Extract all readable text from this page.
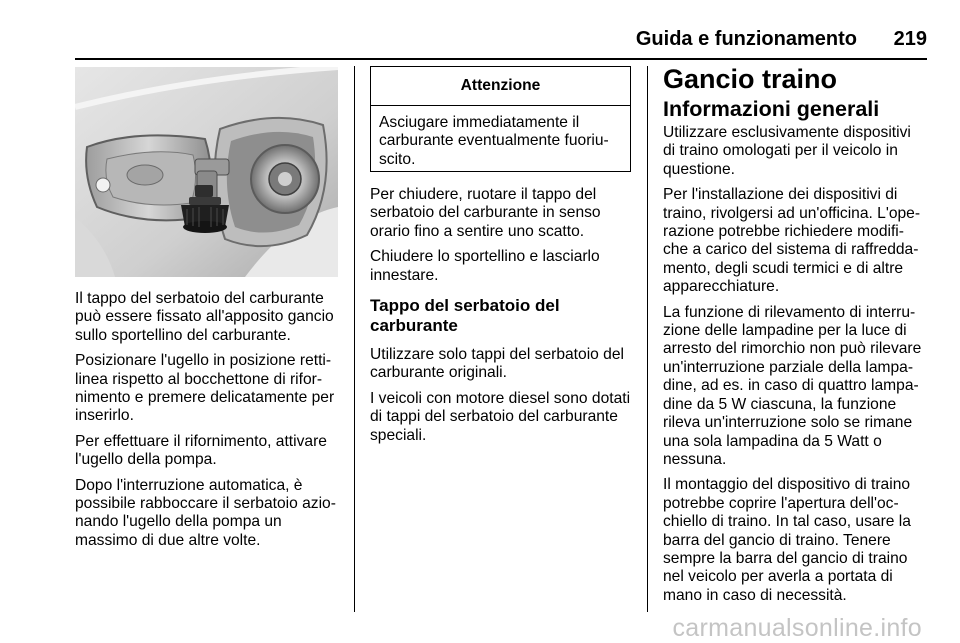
Guida e funzionamento 219

Il tappo del serbatoio del carburante può essere fissato all'apposito gancio sullo sportellino del carburante.

Posizionare l'ugello in posizione retti-linea rispetto al bocchettone di rifor-nimento e premere delicatamente per inserirlo.

Per effettuare il rifornimento, attivare l'ugello della pompa.

Dopo l'interruzione automatica, è possibile rabboccare il serbatoio azio-nando l'ugello della pompa un massimo di due altre volte.

Attenzione
Asciugare immediatamente il carburante eventualmente fuoriu-scito.

Per chiudere, ruotare il tappo del serbatoio del carburante in senso orario fino a sentire uno scatto.

Chiudere lo sportellino e lasciarlo innestare.

Tappo del serbatoio del carburante

Utilizzare solo tappi del serbatoio del carburante originali.

I veicoli con motore diesel sono dotati di tappi del serbatoio del carburante speciali.

Gancio traino
Informazioni generali

Utilizzare esclusivamente dispositivi di traino omologati per il veicolo in questione.

Per l'installazione dei dispositivi di traino, rivolgersi ad un'officina. L'ope-razione potrebbe richiedere modifi-che a carico del sistema di raffredda-mento, degli scudi termici e di altre apparecchiature.

La funzione di rilevamento di interru-zione delle lampadine per la luce di arresto del rimorchio non può rilevare un'interruzione parziale della lampa-dine, ad es. in caso di quattro lampa-dine da 5 W ciascuna, la funzione rileva un'interruzione solo se rimane una sola lampadina da 5 Watt o nessuna.

Il montaggio del dispositivo di traino potrebbe coprire l'apertura dell'oc-chiello di traino. In tal caso, usare la barra del gancio di traino. Tenere sempre la barra del gancio di traino nel veicolo per averla a portata di mano in caso di necessità.

carmanualsonline.info
